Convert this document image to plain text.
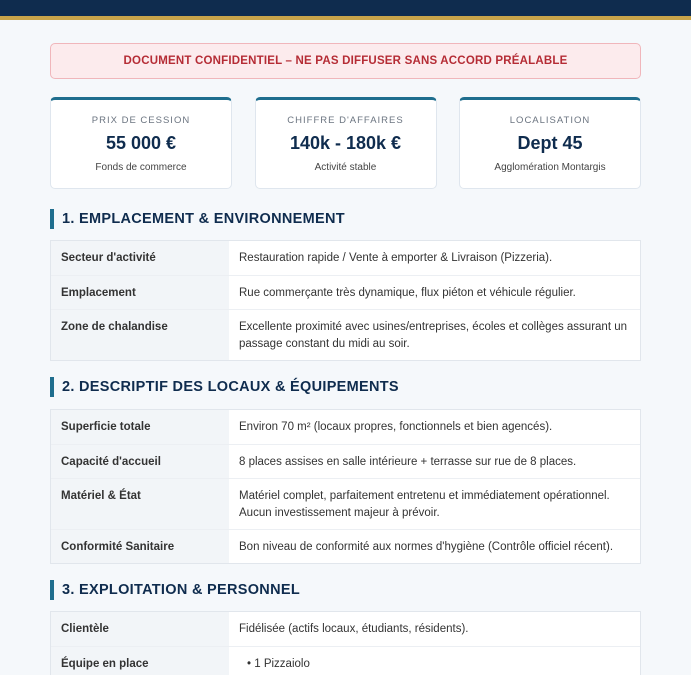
DOCUMENT CONFIDENTIEL – NE PAS DIFFUSER SANS ACCORD PRÉALABLE
PRIX DE CESSION
55 000 €
Fonds de commerce
CHIFFRE D'AFFAIRES
140k - 180k €
Activité stable
LOCALISATION
Dept 45
Agglomération Montargis
1. EMPLACEMENT & ENVIRONNEMENT
Secteur d'activité	Restauration rapide / Vente à emporter & Livraison (Pizzeria).
Emplacement	Rue commerçante très dynamique, flux piéton et véhicule régulier.
Zone de chalandise	Excellente proximité avec usines/entreprises, écoles et collèges assurant un passage constant du midi au soir.
2. DESCRIPTIF DES LOCAUX & ÉQUIPEMENTS
Superficie totale	Environ 70 m² (locaux propres, fonctionnels et bien agencés).
Capacité d'accueil	8 places assises en salle intérieure + terrasse sur rue de 8 places.
Matériel & État	Matériel complet, parfaitement entretenu et immédiatement opérationnel. Aucun investissement majeur à prévoir.
Conformité Sanitaire	Bon niveau de conformité aux normes d'hygiène (Contrôle officiel récent).
3. EXPLOITATION & PERSONNEL
Clientèle	Fidélisée (actifs locaux, étudiants, résidents).
Équipe en place
•	1 Pizzaiolo
